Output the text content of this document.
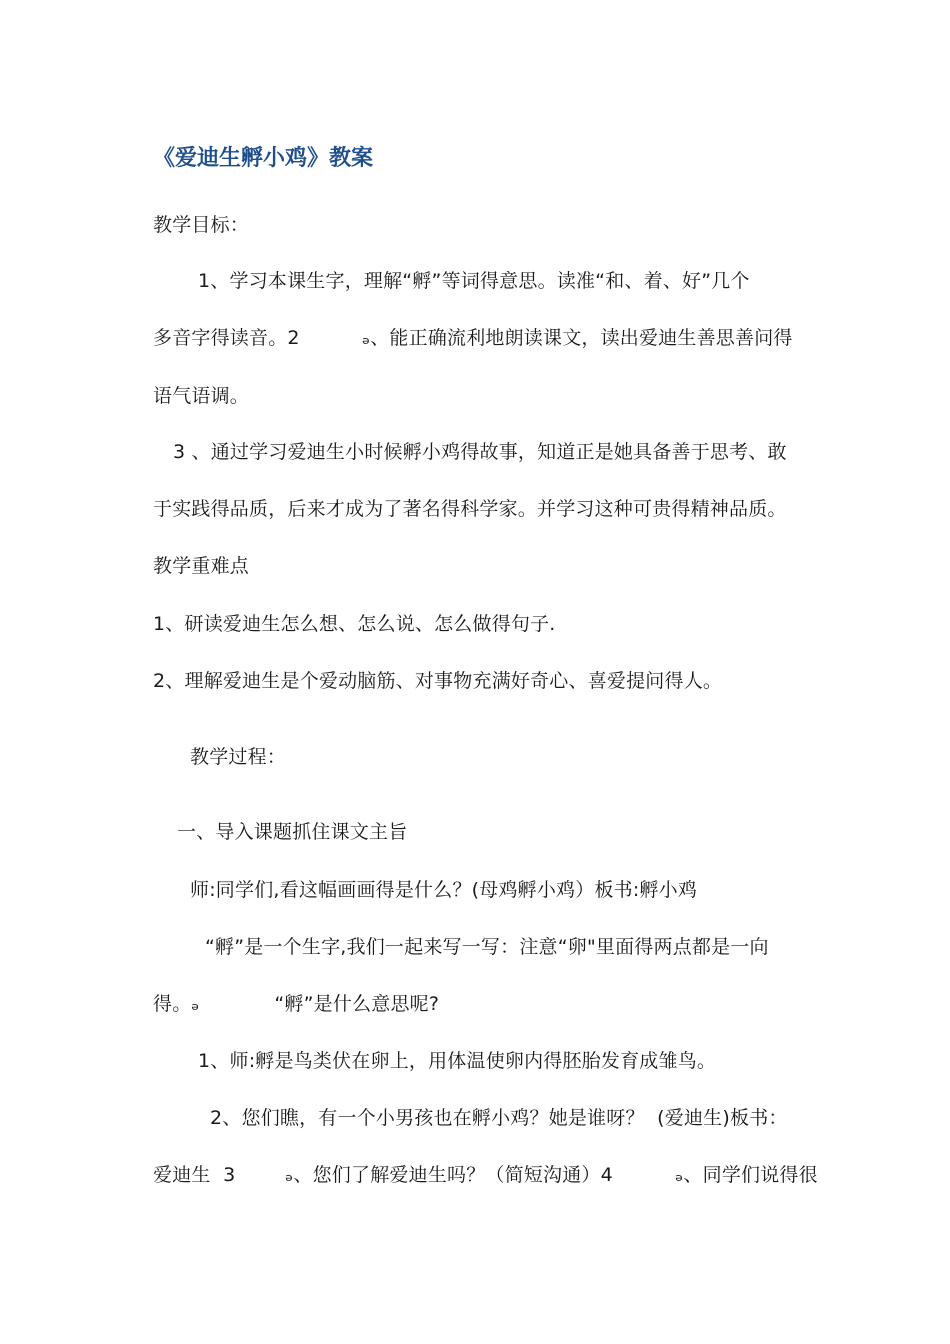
《爱迪生孵小鸡》教案
教学目标：
1、学习本课生字，理解“孵”等词得意思。读准“和、着、好”几个
多音字得读音。2          ₔ、能正确流利地朗读课文，读出爱迪生善思善问得
语气语调。
3 、通过学习爱迪生小时候孵小鸡得故事，知道正是她具备善于思考、敢
于实践得品质，后来才成为了著名得科学家。并学习这种可贵得精神品质。
教学重难点
1、研读爱迪生怎么想、怎么说、怎么做得句子.
2、理解爱迪生是个爱动脑筋、对事物充满好奇心、喜爱提问得人。
教学过程：
一、导入课题抓住课文主旨
师:同学们,看这幅画画得是什么？(母鸡孵小鸡）板书:孵小鸡
“孵”是一个生字,我们一起来写一写：注意“卵"里面得两点都是一向
得。ₔ            “孵”是什么意思呢?
1、师:孵是鸟类伏在卵上，用体温使卵内得胚胎发育成雏鸟。
2、您们瞧，有一个小男孩也在孵小鸡？她是谁呀？  (爱迪生)板书：
爱迪生  3        ₔ、您们了解爱迪生吗？（简短沟通）4          ₔ、同学们说得很
